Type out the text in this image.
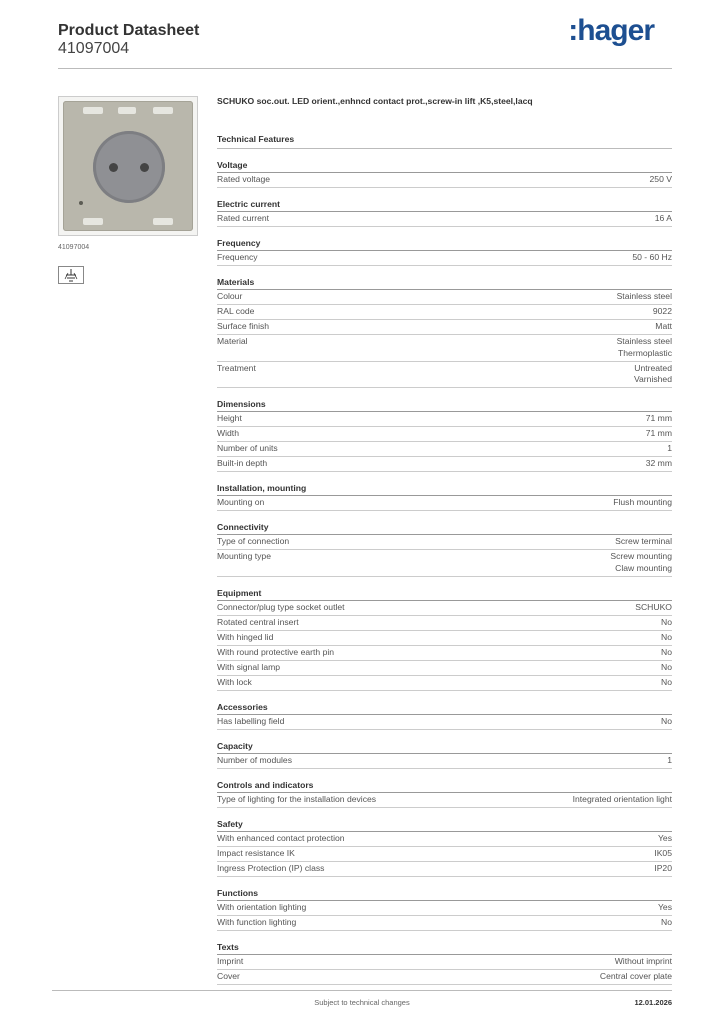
Product Datasheet
41097004
:hager
41097004
SCHUKO soc.out. LED orient.,enhncd contact prot.,screw-in lift ,K5,steel,lacq
Technical Features
Voltage
Rated voltage	250 V
Electric current
Rated current	16 A
Frequency
Frequency	50 - 60 Hz
Materials
Colour	Stainless steel
RAL code	9022
Surface finish	Matt
Material	Stainless steel
Thermoplastic
Treatment	Untreated
Varnished
Dimensions
Height	71 mm
Width	71 mm
Number of units	1
Built-in depth	32 mm
Installation, mounting
Mounting on	Flush mounting
Connectivity
Type of connection	Screw terminal
Mounting type	Screw mounting
Claw mounting
Equipment
Connector/plug type socket outlet	SCHUKO
Rotated central insert	No
With hinged lid	No
With round protective earth pin	No
With signal lamp	No
With lock	No
Accessories
Has labelling field	No
Capacity
Number of modules	1
Controls and indicators
Type of lighting for the installation devices	Integrated orientation light
Safety
With enhanced contact protection	Yes
Impact resistance IK	IK05
Ingress Protection (IP) class	IP20
Functions
With orientation lighting	Yes
With function lighting	No
Texts
Imprint	Without imprint
Cover	Central cover plate
Subject to technical changes	12.01.2026
